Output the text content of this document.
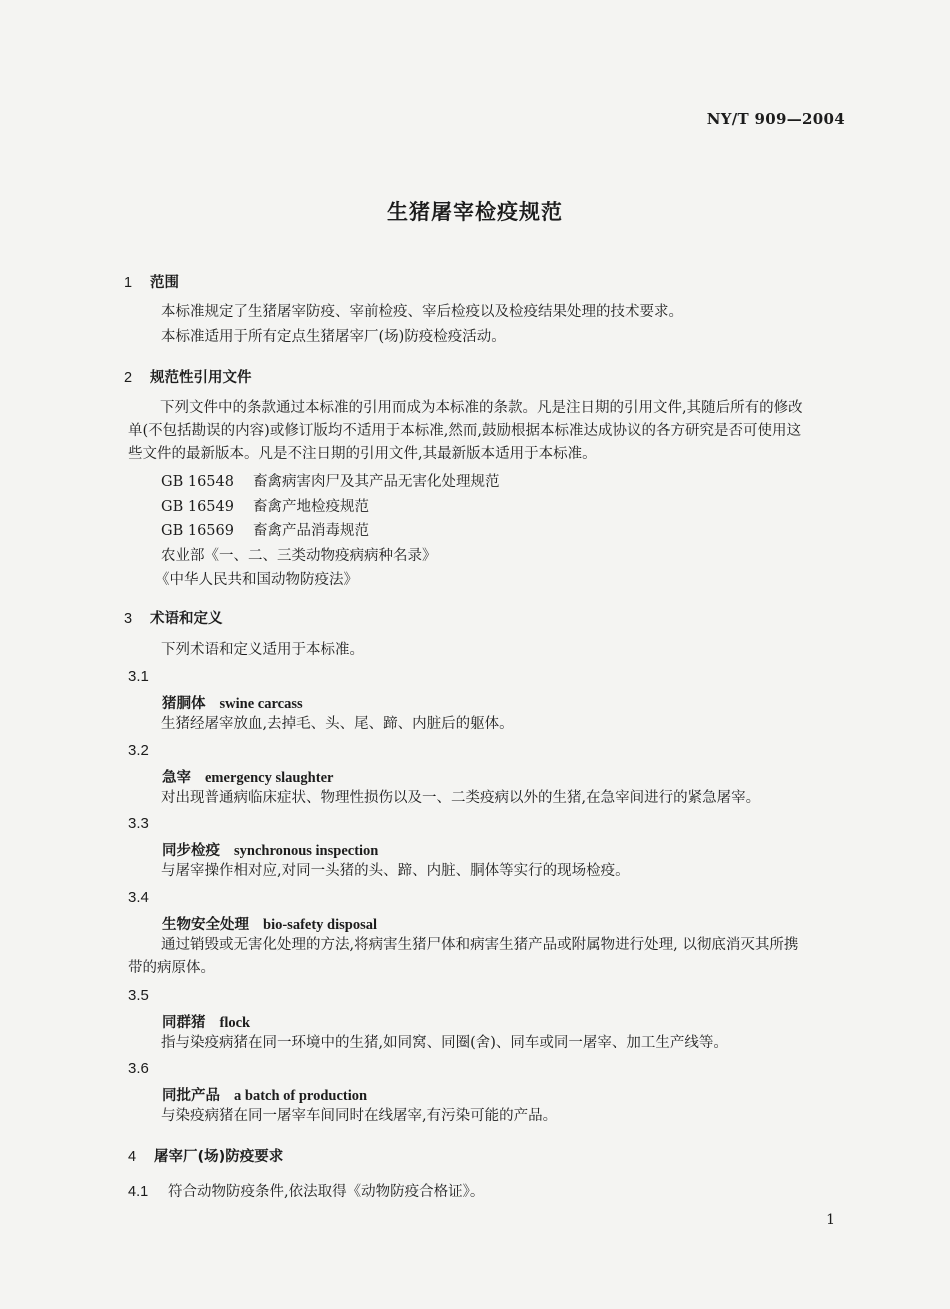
NY/T 909—2004
生猪屠宰检疫规范
1 范围
本标准规定了生猪屠宰防疫、宰前检疫、宰后检疫以及检疫结果处理的技术要求。
本标准适用于所有定点生猪屠宰厂(场)防疫检疫活动。
2 规范性引用文件
下列文件中的条款通过本标准的引用而成为本标准的条款。凡是注日期的引用文件,其随后所有的修改单(不包括勘误的内容)或修订版均不适用于本标准,然而,鼓励根据本标准达成协议的各方研究是否可使用这些文件的最新版本。凡是不注日期的引用文件,其最新版本适用于本标准。
GB 16548 畜禽病害肉尸及其产品无害化处理规范
GB 16549 畜禽产地检疫规范
GB 16569 畜禽产品消毒规范
农业部《一、二、三类动物疫病病种名录》
《中华人民共和国动物防疫法》
3 术语和定义
下列术语和定义适用于本标准。
3.1
猪胴体 swine carcass
生猪经屠宰放血,去掉毛、头、尾、蹄、内脏后的躯体。
3.2
急宰 emergency slaughter
对出现普通病临床症状、物理性损伤以及一、二类疫病以外的生猪,在急宰间进行的紧急屠宰。
3.3
同步检疫 synchronous inspection
与屠宰操作相对应,对同一头猪的头、蹄、内脏、胴体等实行的现场检疫。
3.4
生物安全处理 bio-safety disposal
通过销毁或无害化处理的方法,将病害生猪尸体和病害生猪产品或附属物进行处理, 以彻底消灭其所携带的病原体。
3.5
同群猪 flock
指与染疫病猪在同一环境中的生猪,如同窝、同圈(舍)、同车或同一屠宰、加工生产线等。
3.6
同批产品 a batch of production
与染疫病猪在同一屠宰车间同时在线屠宰,有污染可能的产品。
4 屠宰厂(场)防疫要求
4.1 符合动物防疫条件,依法取得《动物防疫合格证》。
1
